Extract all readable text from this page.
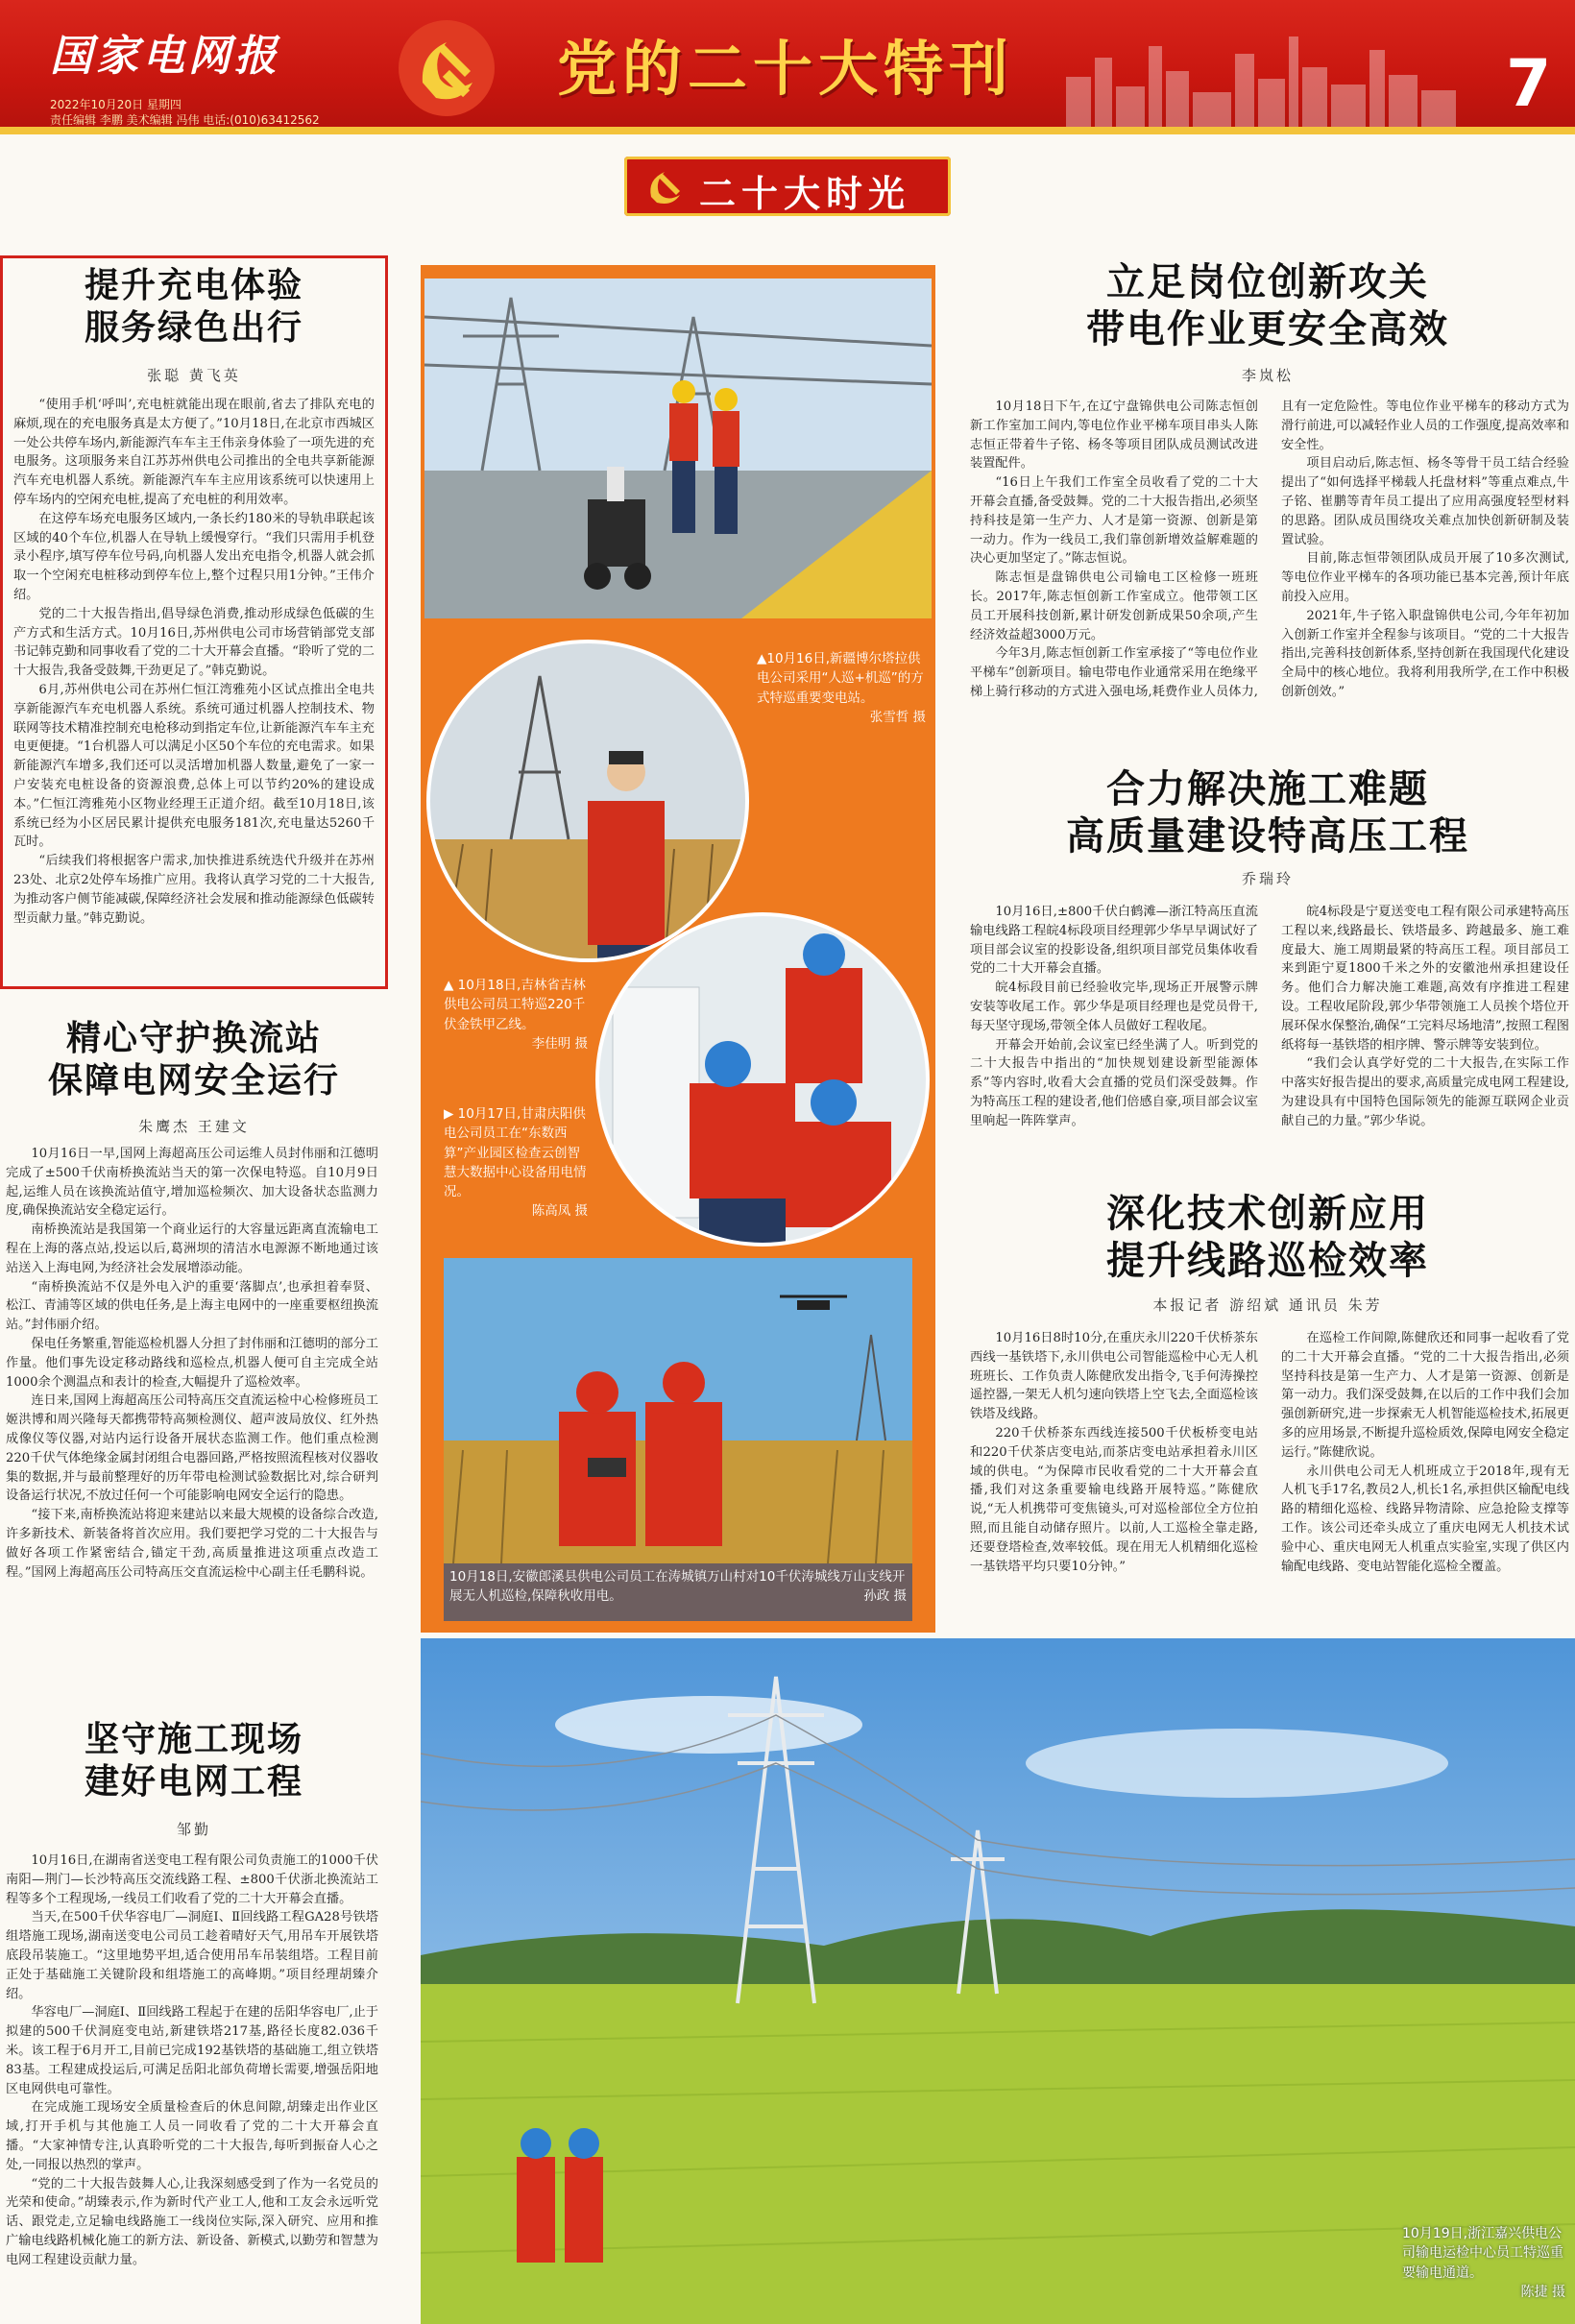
国家电网报
2022年10月20日 星期四
责任编辑 李鹏 美术编辑 冯伟 电话:(010)63412562
党的二十大特刊	7
二十大时光
提升充电体验
服务绿色出行
张聪 黄飞英

“使用手机‘呼叫’,充电桩就能出现在眼前,省去了排队充电的麻烦,现在的充电服务真是太方便了。”10月18日,在北京市西城区一处公共停车场内,新能源汽车车主王伟亲身体验了一项先进的充电服务。这项服务来自江苏苏州供电公司推出的全电共享新能源汽车充电机器人系统。新能源汽车车主应用该系统可以快速用上停车场内的空闲充电桩,提高了充电桩的利用效率。

在这停车场充电服务区域内,一条长约180米的导轨串联起该区域的40个车位,机器人在导轨上缓慢穿行。“我们只需用手机登录小程序,填写停车位号码,向机器人发出充电指令,机器人就会抓取一个空闲充电桩移动到停车位上,整个过程只用1分钟。”王伟介绍。

党的二十大报告指出,倡导绿色消费,推动形成绿色低碳的生产方式和生活方式。10月16日,苏州供电公司市场营销部党支部书记韩克勤和同事收看了党的二十大开幕会直播。“聆听了党的二十大报告,我备受鼓舞,干劲更足了。”韩克勤说。

6月,苏州供电公司在苏州仁恒江湾雅苑小区试点推出全电共享新能源汽车充电机器人系统。系统可通过机器人控制技术、物联网等技术精准控制充电枪移动到指定车位,让新能源汽车车主充电更便捷。“1台机器人可以满足小区50个车位的充电需求。如果新能源汽车增多,我们还可以灵活增加机器人数量,避免了一家一户安装充电桩设备的资源浪费,总体上可以节约20%的建设成本。”仁恒江湾雅苑小区物业经理王正道介绍。截至10月18日,该系统已经为小区居民累计提供充电服务181次,充电量达5260千瓦时。

“后续我们将根据客户需求,加快推进系统迭代升级并在苏州23处、北京2处停车场推广应用。我将认真学习党的二十大报告,为推动客户侧节能减碳,保障经济社会发展和推动能源绿色低碳转型贡献力量。”韩克勤说。

精心守护换流站
保障电网安全运行
朱鹰杰 王建文

10月16日一早,国网上海超高压公司运维人员封伟丽和江德明完成了±500千伏南桥换流站当天的第一次保电特巡。自10月9日起,运维人员在该换流站值守,增加巡检频次、加大设备状态监测力度,确保换流站安全稳定运行。

南桥换流站是我国第一个商业运行的大容量远距离直流输电工程在上海的落点站,投运以后,葛洲坝的清洁水电源源不断地通过该站送入上海电网,为经济社会发展增添动能。

“南桥换流站不仅是外电入沪的重要‘落脚点’,也承担着奉贤、松江、青浦等区域的供电任务,是上海主电网中的一座重要枢纽换流站。”封伟丽介绍。

保电任务繁重,智能巡检机器人分担了封伟丽和江德明的部分工作量。他们事先设定移动路线和巡检点,机器人便可自主完成全站1000余个测温点和表计的检查,大幅提升了巡检效率。

连日来,国网上海超高压公司特高压交直流运检中心检修班员工姬洪博和周兴隆每天都携带特高频检测仪、超声波局放仪、红外热成像仪等仪器,对站内运行设备开展状态监测工作。他们重点检测220千伏气体绝缘金属封闭组合电器回路,严格按照流程核对仪器收集的数据,并与最前整理好的历年带电检测试验数据比对,综合研判设备运行状况,不放过任何一个可能影响电网安全运行的隐患。

“接下来,南桥换流站将迎来建站以来最大规模的设备综合改造,许多新技术、新装备将首次应用。我们要把学习党的二十大报告与做好各项工作紧密结合,锚定干劲,高质量推进这项重点改造工程。”国网上海超高压公司特高压交直流运检中心副主任毛鹏科说。

坚守施工现场
建好电网工程
邹勤

10月16日,在湖南省送变电工程有限公司负责施工的1000千伏南阳—荆门—长沙特高压交流线路工程、±800千伏浙北换流站工程等多个工程现场,一线员工们收看了党的二十大开幕会直播。

当天,在500千伏华容电厂—洞庭Ⅰ、Ⅱ回线路工程GA28号铁塔组塔施工现场,湖南送变电公司员工趁着晴好天气,用吊车开展铁塔底段吊装施工。“这里地势平坦,适合使用吊车吊装组塔。工程目前正处于基础施工关键阶段和组塔施工的高峰期。”项目经理胡臻介绍。

华容电厂—洞庭Ⅰ、Ⅱ回线路工程起于在建的岳阳华容电厂,止于拟建的500千伏洞庭变电站,新建铁塔217基,路径长度82.036千米。该工程于6月开工,目前已完成192基铁塔的基础施工,组立铁塔83基。工程建成投运后,可满足岳阳北部负荷增长需要,增强岳阳地区电网供电可靠性。

在完成施工现场安全质量检查后的休息间隙,胡臻走出作业区域,打开手机与其他施工人员一同收看了党的二十大开幕会直播。“大家神情专注,认真聆听党的二十大报告,每听到振奋人心之处,一同报以热烈的掌声。

“党的二十大报告鼓舞人心,让我深刻感受到了作为一名党员的光荣和使命。”胡臻表示,作为新时代产业工人,他和工友会永远听党话、跟党走,立足输电线路施工一线岗位实际,深入研究、应用和推广输电线路机械化施工的新方法、新设备、新模式,以勤劳和智慧为电网工程建设贡献力量。

▲10月16日,新疆博尔塔拉供电公司采用“人巡+机巡”的方式特巡重要变电站。
张雪哲 摄
▲ 10月18日,吉林省吉林供电公司员工特巡220千伏金铁甲乙线。
李佳明 摄
▶ 10月17日,甘肃庆阳供电公司员工在“东数西算”产业园区检查云创智慧大数据中心设备用电情况。
陈高凤 摄
10月18日,安徽郎溪县供电公司员工在涛城镇万山村对10千伏涛城线万山支线开展无人机巡检,保障秋收用电。	孙政 摄
立足岗位创新攻关
带电作业更安全高效
李岚松

10月18日下午,在辽宁盘锦供电公司陈志恒创新工作室加工间内,等电位作业平梯车项目串头人陈志恒正带着牛子铭、杨冬等项目团队成员测试改进装置配件。

“16日上午我们工作室全员收看了党的二十大开幕会直播,备受鼓舞。党的二十大报告指出,必须坚持科技是第一生产力、人才是第一资源、创新是第一动力。作为一线员工,我们靠创新增效益解难题的决心更加坚定了。”陈志恒说。

陈志恒是盘锦供电公司输电工区检修一班班长。2017年,陈志恒创新工作室成立。他带领工区员工开展科技创新,累计研发创新成果50余项,产生经济效益超3000万元。

今年3月,陈志恒创新工作室承接了“等电位作业平梯车”创新项目。输电带电作业通常采用在绝缘平梯上骑行移动的方式进入强电场,耗费作业人员体力,且有一定危险性。等电位作业平梯车的移动方式为滑行前进,可以减轻作业人员的工作强度,提高效率和安全性。

项目启动后,陈志恒、杨冬等骨干员工结合经验提出了“如何选择平梯载人托盘材料”等重点难点,牛子铭、崔鹏等青年员工提出了应用高强度轻型材料的思路。团队成员围绕攻关难点加快创新研制及装置试验。

目前,陈志恒带领团队成员开展了10多次测试,等电位作业平梯车的各项功能已基本完善,预计年底前投入应用。

2021年,牛子铭入职盘锦供电公司,今年年初加入创新工作室并全程参与该项目。“党的二十大报告指出,完善科技创新体系,坚持创新在我国现代化建设全局中的核心地位。我将利用我所学,在工作中积极创新创效。”

合力解决施工难题
高质量建设特高压工程
乔瑞玲

10月16日,±800千伏白鹤滩—浙江特高压直流输电线路工程皖4标段项目经理郭少华早早调试好了项目部会议室的投影设备,组织项目部党员集体收看党的二十大开幕会直播。

皖4标段目前已经验收完毕,现场正开展警示牌安装等收尾工作。郭少华是项目经理也是党员骨干,每天坚守现场,带领全体人员做好工程收尾。

开幕会开始前,会议室已经坐满了人。听到党的二十大报告中指出的“加快规划建设新型能源体系”等内容时,收看大会直播的党员们深受鼓舞。作为特高压工程的建设者,他们倍感自豪,项目部会议室里响起一阵阵掌声。

皖4标段是宁夏送变电工程有限公司承建特高压工程以来,线路最长、铁塔最多、跨越最多、施工难度最大、施工周期最紧的特高压工程。项目部员工来到距宁夏1800千米之外的安徽池州承担建设任务。他们合力解决施工难题,高效有序推进工程建设。工程收尾阶段,郭少华带领施工人员挨个塔位开展环保水保整治,确保“工完料尽场地清”,按照工程图纸将每一基铁塔的相序牌、警示牌等安装到位。

“我们会认真学好党的二十大报告,在实际工作中落实好报告提出的要求,高质量完成电网工程建设,为建设具有中国特色国际领先的能源互联网企业贡献自己的力量。”郭少华说。

深化技术创新应用
提升线路巡检效率
本报记者 游绍斌 通讯员 朱芳

10月16日8时10分,在重庆永川220千伏桥茶东西线一基铁塔下,永川供电公司智能巡检中心无人机班班长、工作负责人陈健欣发出指令,飞手何涛操控遥控器,一架无人机匀速向铁塔上空飞去,全面巡检该铁塔及线路。

220千伏桥茶东西线连接500千伏板桥变电站和220千伏茶店变电站,而茶店变电站承担着永川区域的供电。“为保障市民收看党的二十大开幕会直播,我们对这条重要输电线路开展特巡。”陈健欣说,“无人机携带可变焦镜头,可对巡检部位全方位拍照,而且能自动储存照片。以前,人工巡检全靠走路,还要登塔检查,效率较低。现在用无人机精细化巡检一基铁塔平均只要10分钟。”

在巡检工作间隙,陈健欣还和同事一起收看了党的二十大开幕会直播。“党的二十大报告指出,必须坚持科技是第一生产力、人才是第一资源、创新是第一动力。我们深受鼓舞,在以后的工作中我们会加强创新研究,进一步探索无人机智能巡检技术,拓展更多的应用场景,不断提升巡检质效,保障电网安全稳定运行。”陈健欣说。

永川供电公司无人机班成立于2018年,现有无人机飞手17名,教员2人,机长1名,承担供区输配电线路的精细化巡检、线路异物清除、应急抢险支撑等工作。该公司还牵头成立了重庆电网无人机技术试验中心、重庆电网无人机重点实验室,实现了供区内输配电线路、变电站智能化巡检全覆盖。

10月19日,浙江嘉兴供电公司输电运检中心员工特巡重要输电通道。
陈捷 摄
